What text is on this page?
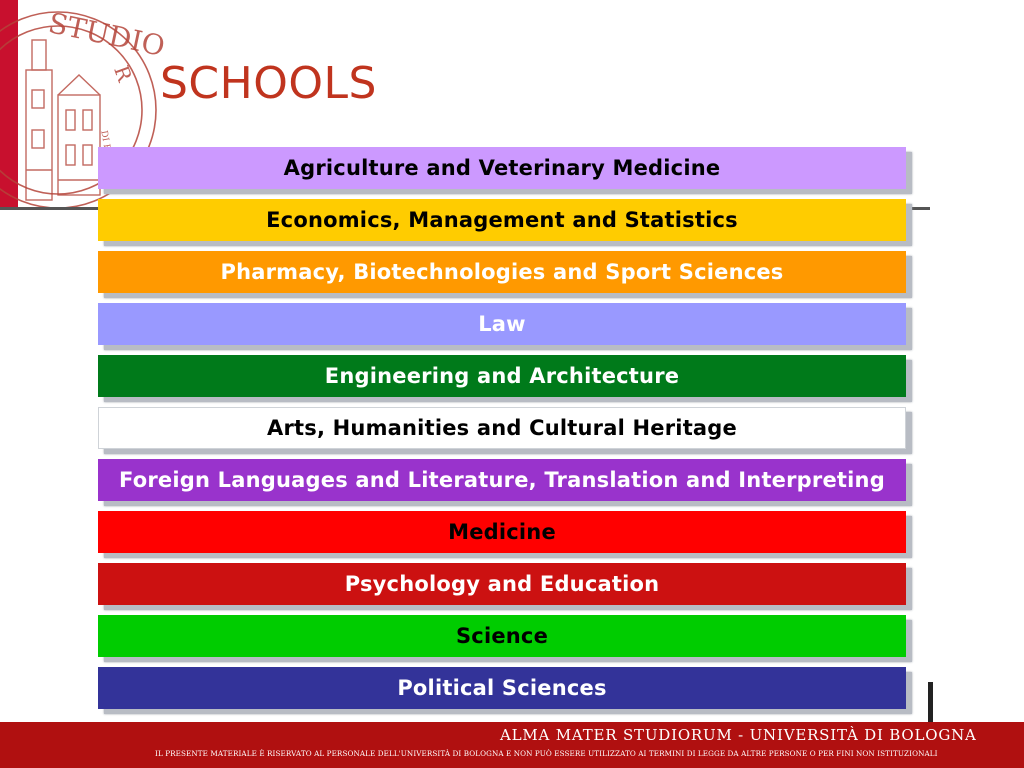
STUDIO
R SCHOOLS
Agriculture and Veterinary Medicine
Economics, Management and Statistics
Pharmacy, Biotechnologies and Sport Sciences
Law
Engineering and Architecture
Arts, Humanities and Cultural Heritage
Foreign Languages and Literature, Translation and Interpreting
Medicine
Psychology and Education
Science
Political Sciences
ALMA MATER STUDIORUM - UNIVERSITÀ DI BOLOGNA
IL PRESENTE MATERIALE È RISERVATO AL PERSONALE DELL'UNIVERSITÀ DI BOLOGNA E NON PUÒ ESSERE UTILIZZATO AI TERMINI DI LEGGE DA ALTRE PERSONE O PER FINI NON ISTITUZIONALI
